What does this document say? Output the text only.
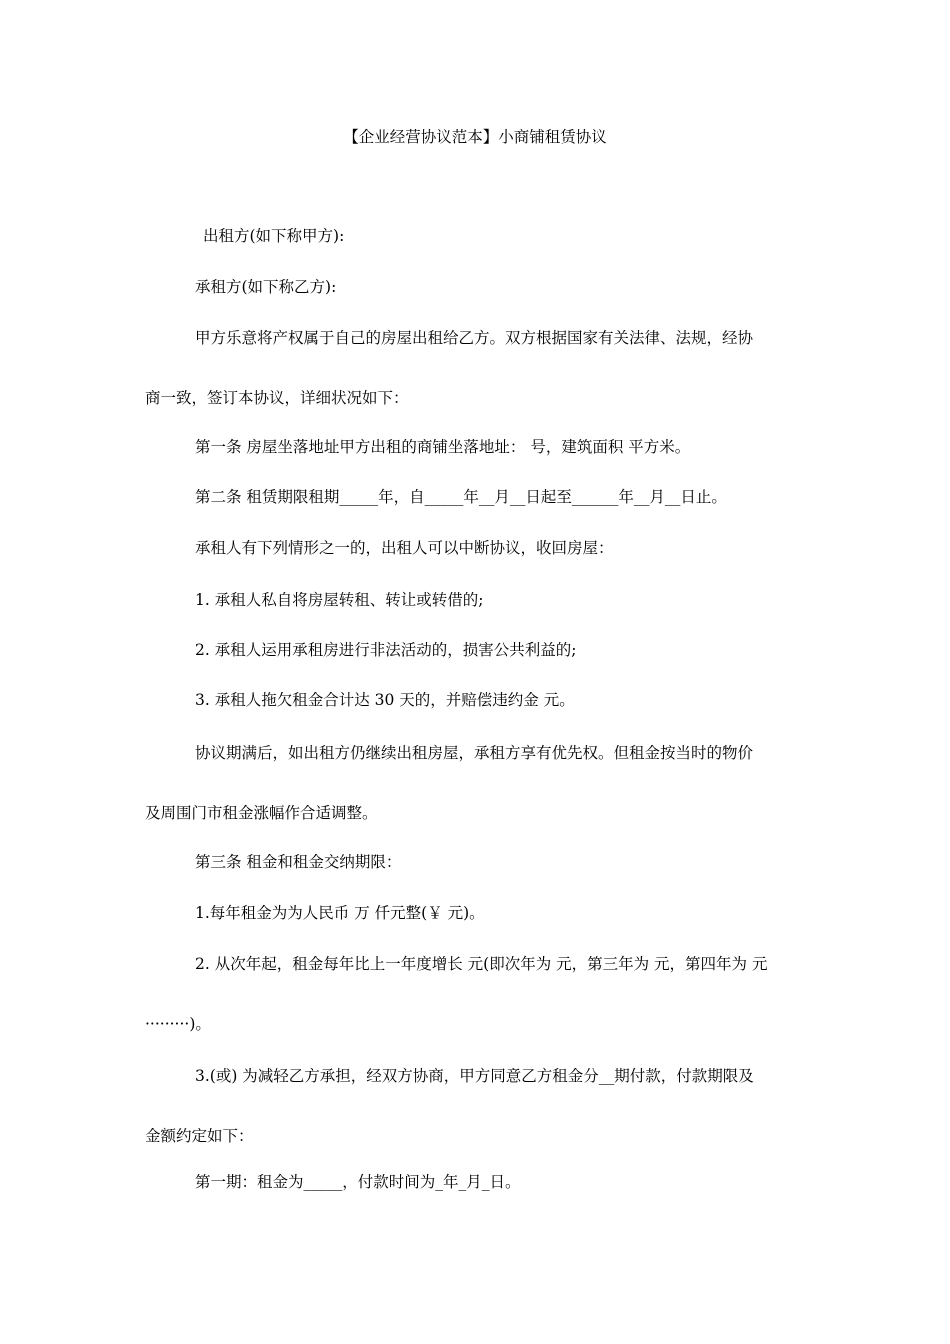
【企业经营协议范本】小商铺租赁协议
出租方(如下称甲方):
承租方(如下称乙方):
甲方乐意将产权属于自己的房屋出租给乙方。双方根据国家有关法律、法规，经协
商一致，签订本协议，详细状况如下：
第一条 房屋坐落地址甲方出租的商铺坐落地址： 号，建筑面积 平方米。
第二条 租赁期限租期_____年，自_____年__月__日起至______年__月__日止。
承租人有下列情形之一的，出租人可以中断协议，收回房屋：
1. 承租人私自将房屋转租、转让或转借的;
2. 承租人运用承租房进行非法活动的，损害公共利益的;
3. 承租人拖欠租金合计达 30 天的，并赔偿违约金 元。
协议期满后，如出租方仍继续出租房屋，承租方享有优先权。但租金按当时的物价
及周围门市租金涨幅作合适调整。
第三条 租金和租金交纳期限：
1.每年租金为为人民币 万 仟元整(￥ 元)。
2. 从次年起，租金每年比上一年度增长 元(即次年为 元，第三年为 元，第四年为 元
·········)。
3.(或) 为减轻乙方承担，经双方协商，甲方同意乙方租金分__期付款，付款期限及
金额约定如下：
第一期：租金为_____，付款时间为_年_月_日。
